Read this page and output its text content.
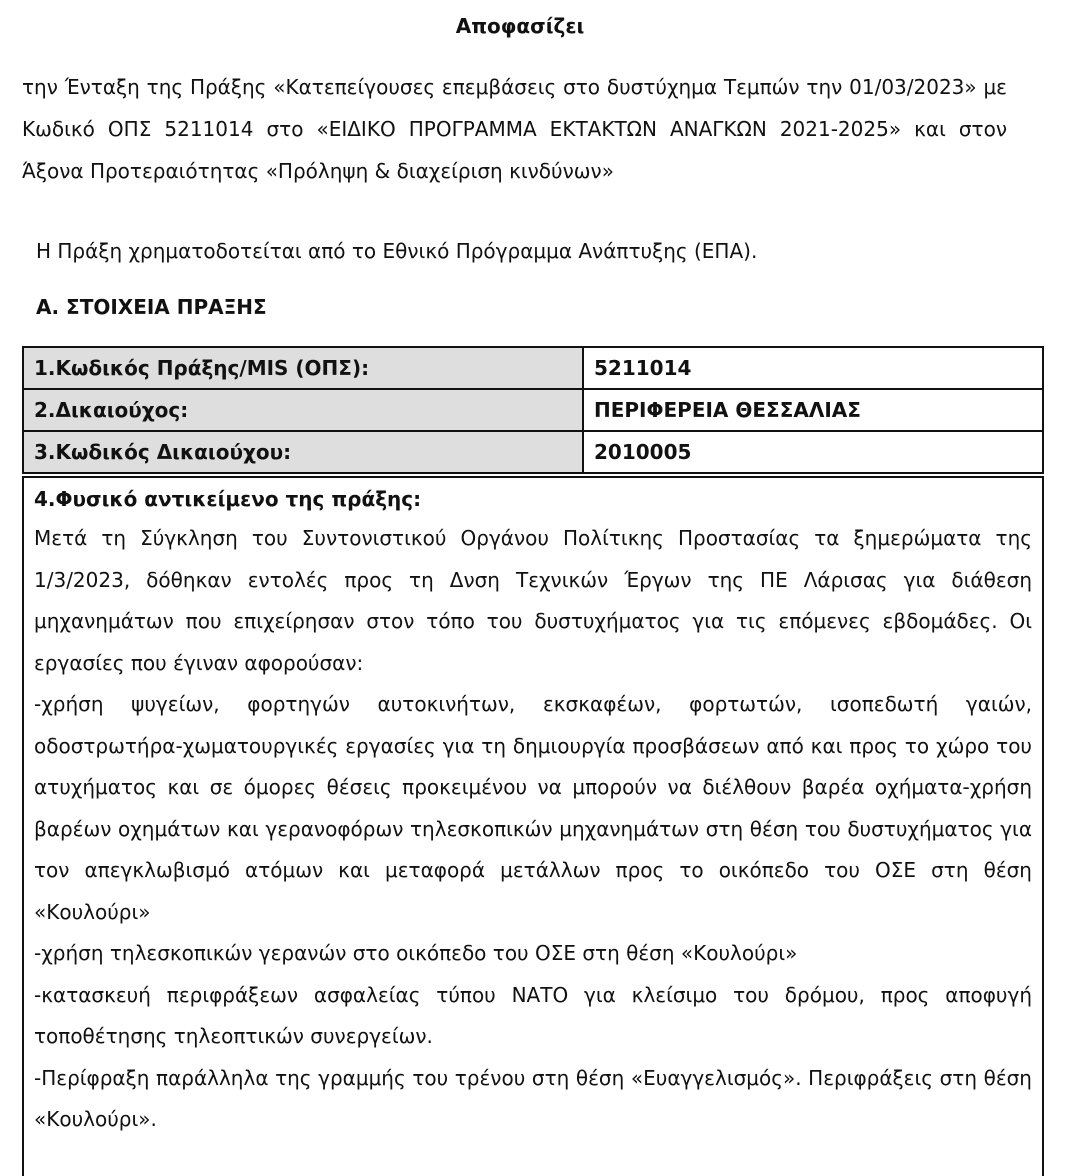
Αποφασίζει
την Ένταξη της Πράξης «Κατεπείγουσες επεμβάσεις στο δυστύχημα Τεμπών την 01/03/2023» με
Κωδικό ΟΠΣ 5211014 στο «ΕΙΔΙΚΟ ΠΡΟΓΡΑΜΜΑ ΕΚΤΑΚΤΩΝ ΑΝΑΓΚΩΝ 2021-2025» και στον
Άξονα Προτεραιότητας «Πρόληψη & διαχείριση κινδύνων»
Η Πράξη χρηματοδοτείται από το Εθνικό Πρόγραμμα Ανάπτυξης (ΕΠΑ).
Α. ΣΤΟΙΧΕΙΑ ΠΡΑΞΗΣ
1.Κωδικός Πράξης/MIS (ΟΠΣ):	5211014
2.Δικαιούχος:	ΠΕΡΙΦΕΡΕΙΑ ΘΕΣΣΑΛΙΑΣ
3.Κωδικός Δικαιούχου:	2010005
4.Φυσικό αντικείμενο της πράξης:
Μετά τη Σύγκληση του Συντονιστικού Οργάνου Πολίτικης Προστασίας τα ξημερώματα της
1/3/2023, δόθηκαν εντολές προς τη Δνση Τεχνικών Έργων της ΠΕ Λάρισας για διάθεση
μηχανημάτων που επιχείρησαν στον τόπο του δυστυχήματος για τις επόμενες εβδομάδες. Οι
εργασίες που έγιναν αφορούσαν:
-χρήση ψυγείων, φορτηγών αυτοκινήτων, εκσκαφέων, φορτωτών, ισοπεδωτή γαιών,
οδοστρωτήρα-χωματουργικές εργασίες για τη δημιουργία προσβάσεων από και προς το χώρο του
ατυχήματος και σε όμορες θέσεις προκειμένου να μπορούν να διέλθουν βαρέα οχήματα-χρήση
βαρέων οχημάτων και γερανοφόρων τηλεσκοπικών μηχανημάτων στη θέση του δυστυχήματος για
τον απεγκλωβισμό ατόμων και μεταφορά μετάλλων προς το οικόπεδο του ΟΣΕ στη θέση
«Κουλούρι»
-χρήση τηλεσκοπικών γερανών στο οικόπεδο του ΟΣΕ στη θέση «Κουλούρι»
-κατασκευή περιφράξεων ασφαλείας τύπου ΝΑΤΟ για κλείσιμο του δρόμου, προς αποφυγή
τοποθέτησης τηλεοπτικών συνεργείων.
-Περίφραξη παράλληλα της γραμμής του τρένου στη θέση «Ευαγγελισμός». Περιφράξεις στη θέση
«Κουλούρι».
